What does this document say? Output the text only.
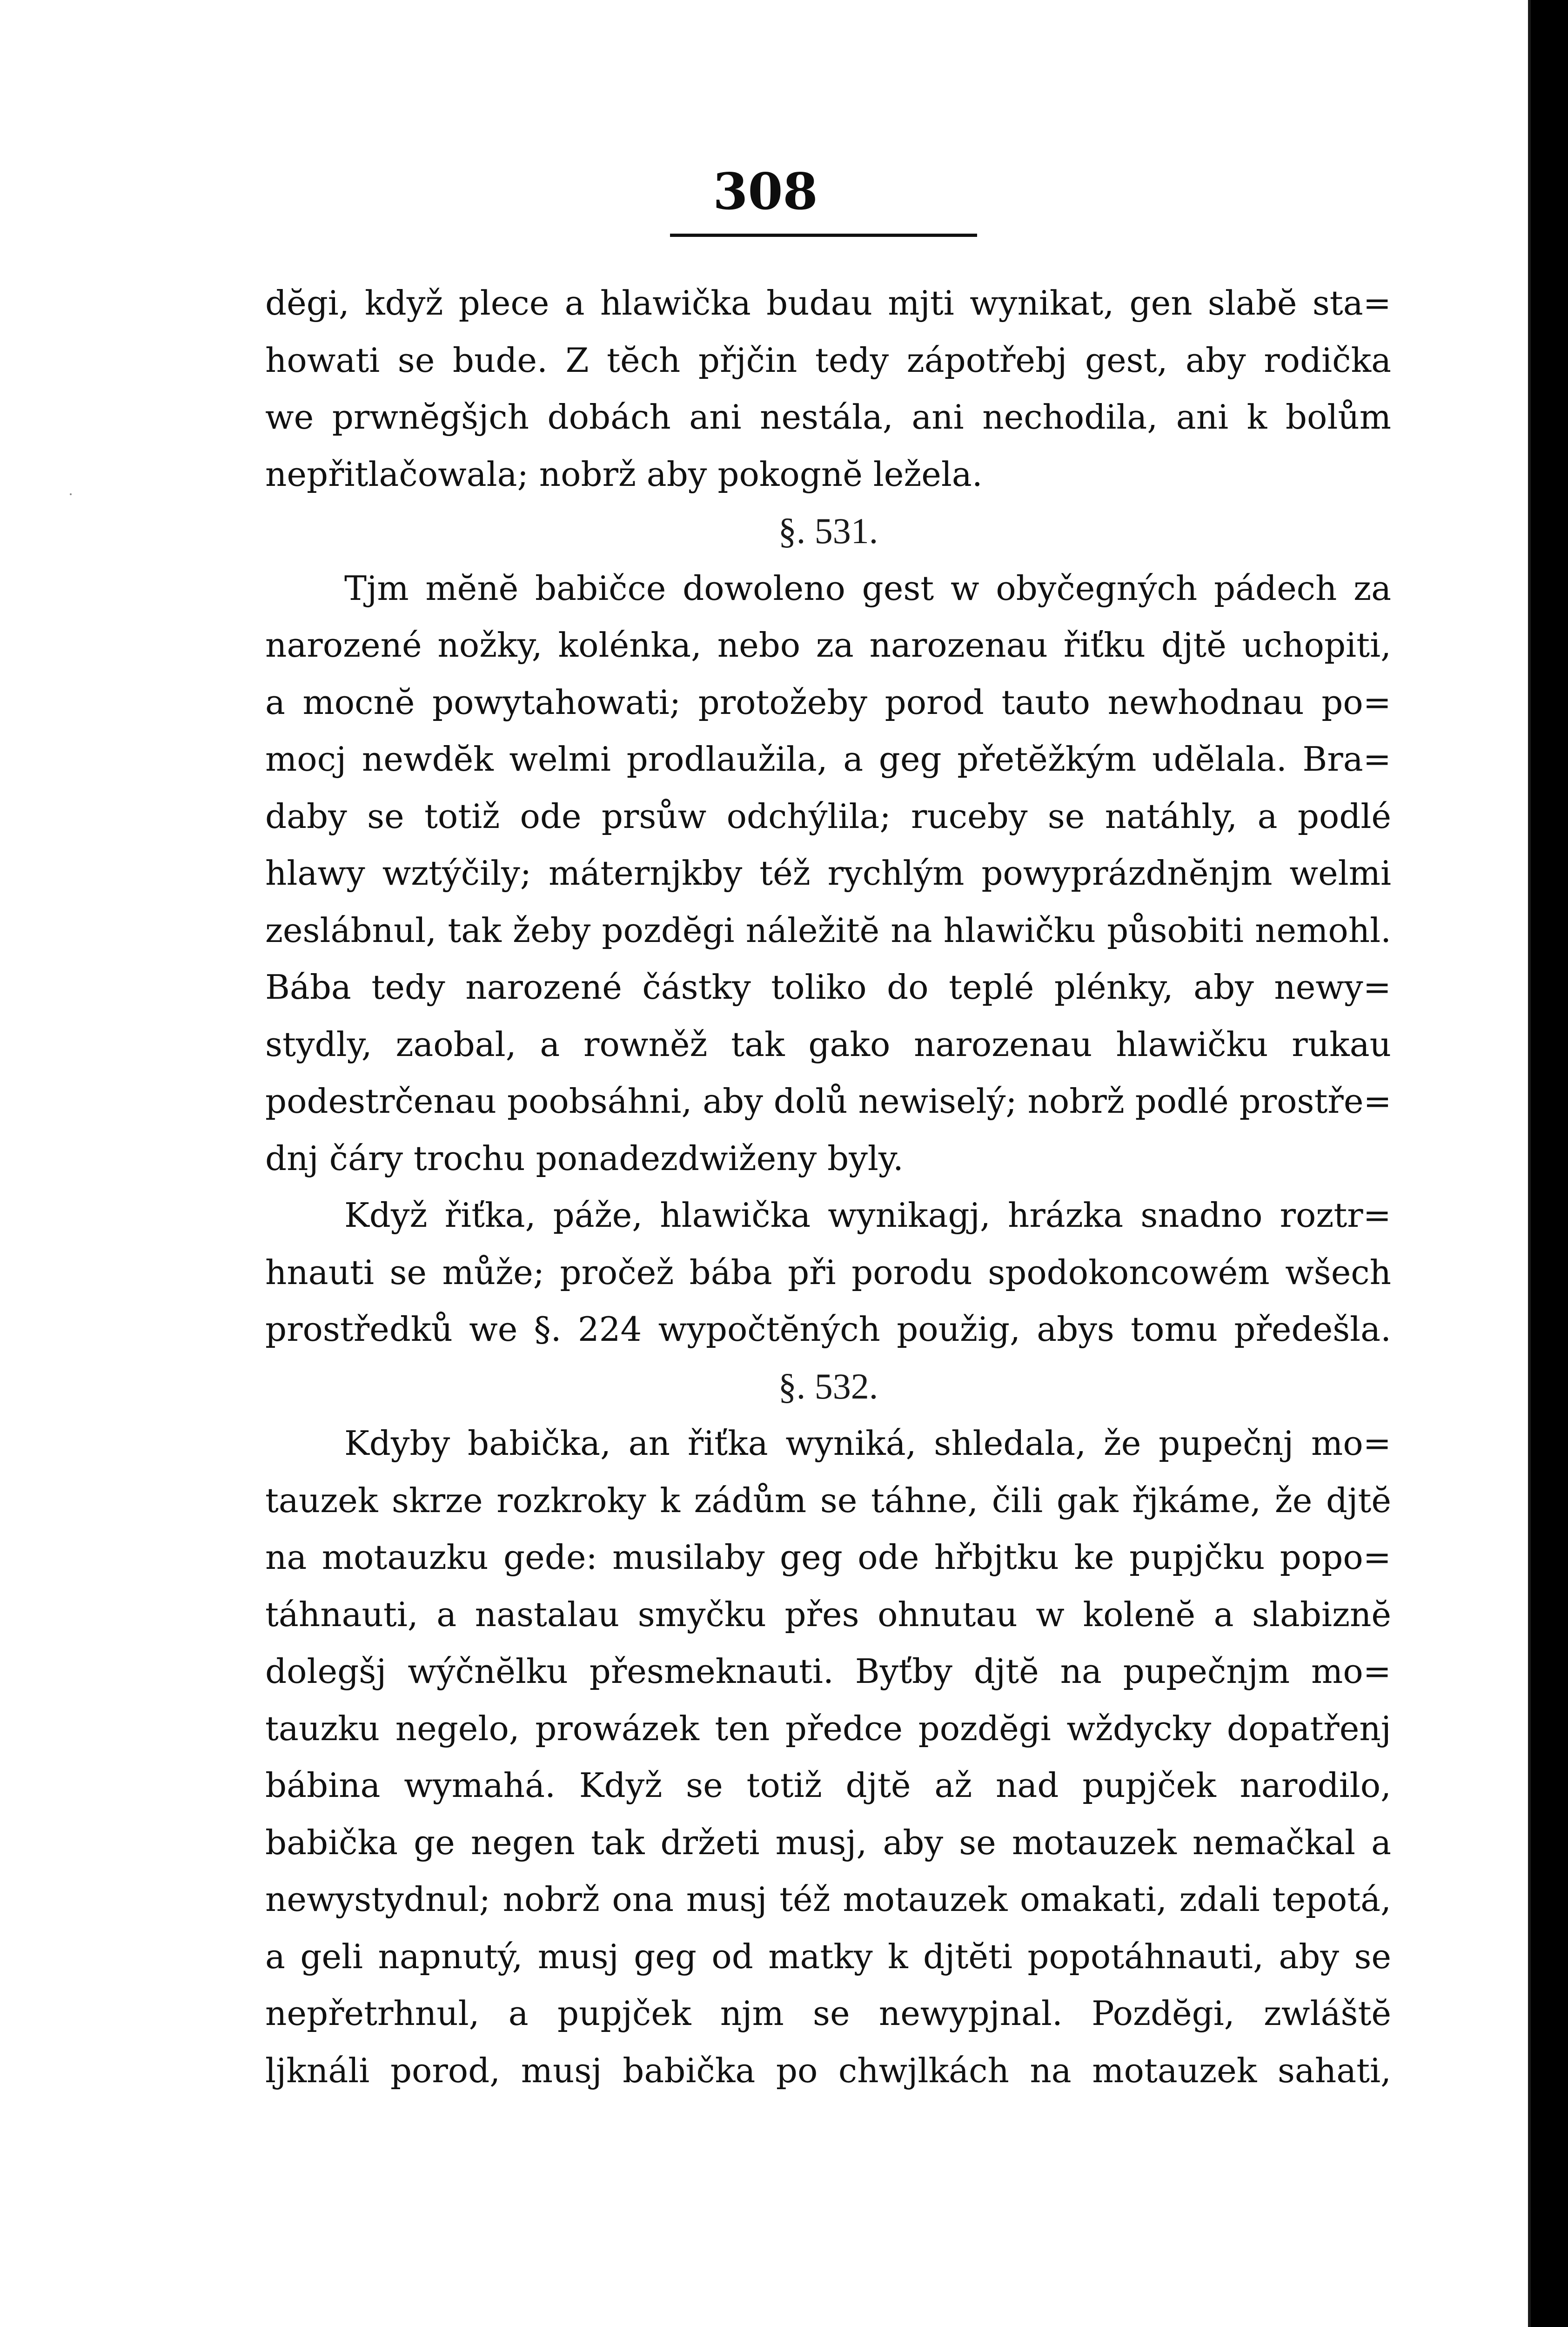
308
dĕgi, když plece a hlawička budau mjti wynikat, gen slabĕ sta=
howati se bude. Z tĕch přjčin tedy zápotřebj gest, aby rodička
we prwnĕgšjch dobách ani nestála, ani nechodila, ani k bolům
nepřitlačowala; nobrž aby pokognĕ ležela.
§. 531.
Tjm mĕnĕ babičce dowoleno gest w obyčegných pádech za
narozené nožky, kolénka, nebo za narozenau řiťku djtĕ uchopiti,
a mocnĕ powytahowati; protožeby porod tauto newhodnau po=
mocj newdĕk welmi prodlaužila, a geg přetĕžkým udĕlala. Bra=
daby se totiž ode prsůw odchýlila; ruceby se natáhly, a podlé
hlawy wztýčily; máternjkby též rychlým powyprázdnĕnjm welmi
zeslábnul, tak žeby pozdĕgi náležitĕ na hlawičku působiti nemohl.
Bába tedy narozené částky toliko do teplé plénky, aby newy=
stydly, zaobal, a rowněž tak gako narozenau hlawičku rukau
podestrčenau poobsáhni, aby dolů newiselý; nobrž podlé prostře=
dnj čáry trochu ponadezdwiženy byly.
Když řiťka, páže, hlawička wynikagj, hrázka snadno roztr=
hnauti se může; pročež bába při porodu spodokoncowém wšech
prostředků we §. 224 wypočtĕných použig, abys tomu předešla.
§. 532.
Kdyby babička, an řiťka wyniká, shledala, že pupečnj mo=
tauzek skrze rozkroky k zádům se táhne, čili gak řjkáme, že djtĕ
na motauzku gede: musilaby geg ode hřbjtku ke pupjčku popo=
táhnauti, a nastalau smyčku přes ohnutau w kolenĕ a slabiznĕ
dolegšj wýčnĕlku přesmeknauti. Byťby djtĕ na pupečnjm mo=
tauzku negelo, prowázek ten předce pozdĕgi wždycky dopatřenj
bábina wymahá. Když se totiž djtĕ až nad pupjček narodilo,
babička ge negen tak držeti musj, aby se motauzek nemačkal a
newystydnul; nobrž ona musj též motauzek omakati, zdali tepotá,
a geli napnutý, musj geg od matky k djtĕti popotáhnauti, aby se
nepřetrhnul, a pupjček njm se newypjnal. Pozdĕgi, zwláštĕ
ljknáli porod, musj babička po chwjlkách na motauzek sahati,
